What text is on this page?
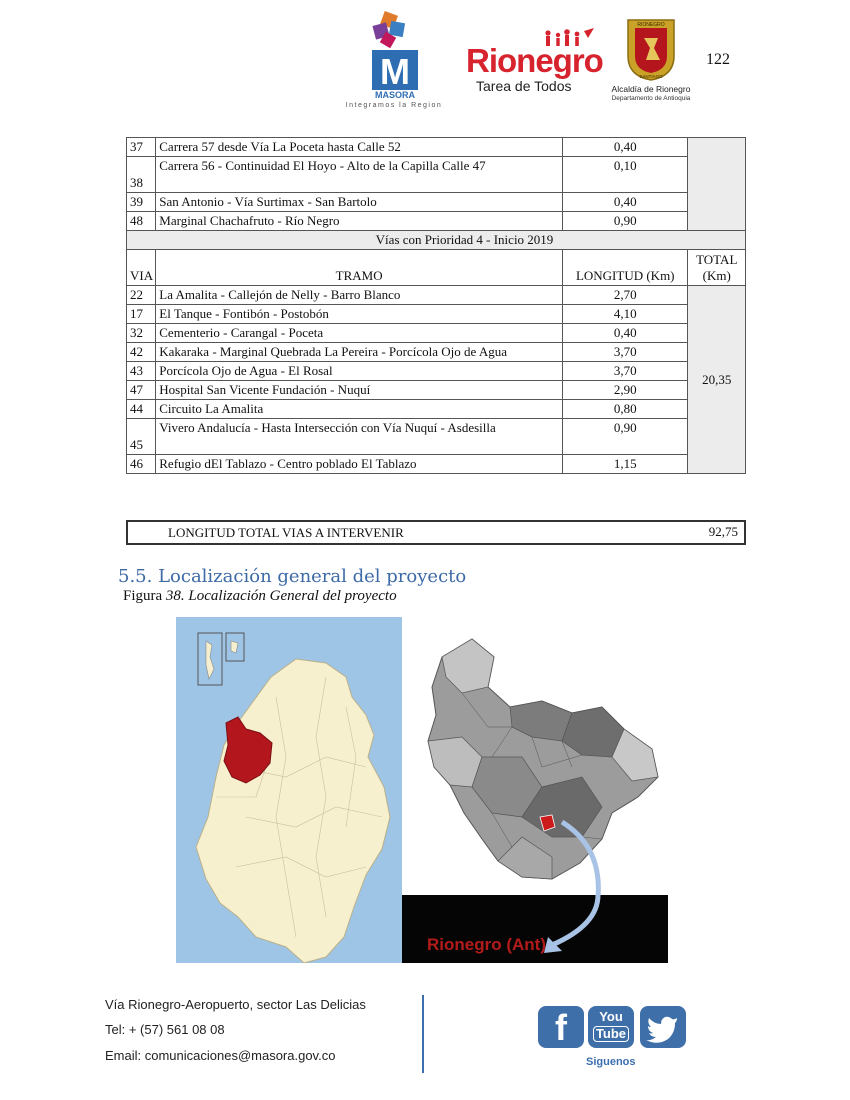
M
MASORA
Integramos la Region
Rionegro
Tarea de Todos
RIONEGRO
SANTIAGO
Alcaldía de Rionegro
Departamento de Antioquia
122
37	Carrera 57 desde Vía La Poceta hasta Calle 52	0,40	
38	Carrera 56 - Continuidad El Hoyo - Alto de la Capilla Calle 47	0,10	
39	San Antonio - Vía Surtimax - San Bartolo	0,40	
48	Marginal Chachafruto - Río Negro	0,90	
Vías con Prioridad 4 - Inicio 2019			
VIA	TRAMO	LONGITUD (Km)	TOTAL (Km)
22	La Amalita - Callejón de Nelly - Barro Blanco	2,70	20,35
17	El Tanque - Fontibón - Postobón	4,10	
32	Cementerio - Carangal - Poceta	0,40	
42	Kakaraka - Marginal Quebrada La Pereira - Porcícola Ojo de Agua	3,70	
43	Porcícola Ojo de Agua - El Rosal	3,70	
47	Hospital San Vicente Fundación - Nuquí	2,90	
44	Circuito La Amalita	0,80	
45	Vivero Andalucía - Hasta Intersección con Vía Nuquí - Asdesilla	0,90	
46	Refugio dEl Tablazo - Centro poblado El Tablazo	1,15	
LONGITUD TOTAL VIAS A INTERVENIR	92,75
5.5. Localización general del proyecto
Figura 38. Localización General del proyecto
Rionegro (Ant)
Vía Rionegro-Aeropuerto, sector Las Delicias
Tel: + (57) 561 08 08
Email: comunicaciones@masora.gov.co
f	You
Tube
Siguenos
